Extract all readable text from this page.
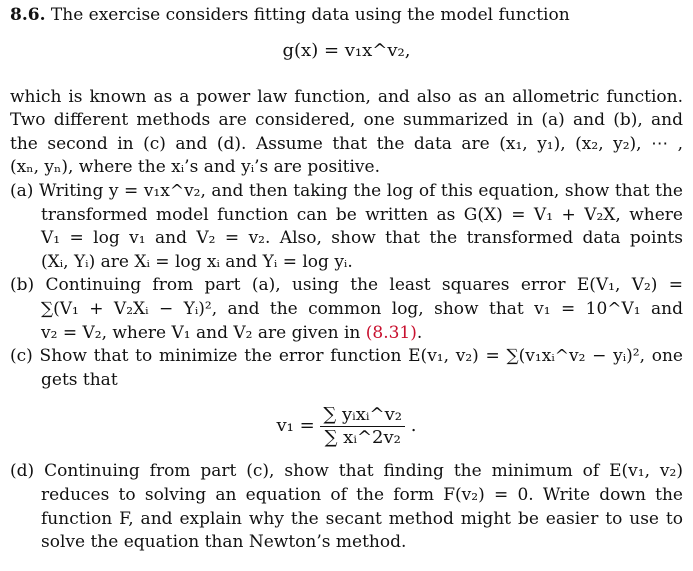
8.6. The exercise considers fitting data using the model function
g(x) = v₁x^v₂,
which is known as a power law function, and also as an allometric function.
Two different methods are considered, one summarized in (a) and (b), and
the second in (c) and (d). Assume that the data are (x₁, y₁), (x₂, y₂), ⋯ ,
(xₙ, yₙ), where the xᵢ’s and yᵢ’s are positive.
(a) Writing y = v₁x^v₂, and then taking the log of this equation, show that the
transformed model function can be written as G(X) = V₁ + V₂X, where
V₁ = log v₁ and V₂ = v₂. Also, show that the transformed data points
(Xᵢ, Yᵢ) are Xᵢ = log xᵢ and Yᵢ = log yᵢ.
(b) Continuing from part (a), using the least squares error E(V₁, V₂) =
∑(V₁ + V₂Xᵢ − Yᵢ)², and the common log, show that v₁ = 10^V₁ and
v₂ = V₂, where V₁ and V₂ are given in (8.31).
(c) Show that to minimize the error function E(v₁, v₂) = ∑(v₁xᵢ^v₂ − yᵢ)², one
gets that
$v_1 = \frac{\text{∑ yᵢxᵢ\textasciicircum{}v₂}}{\text{∑ xᵢ\textasciicircum{}2v₂}}$ .
(d) Continuing from part (c), show that finding the minimum of E(v₁, v₂)
reduces to solving an equation of the form F(v₂) = 0. Write down the
function F, and explain why the secant method might be easier to use to
solve the equation than Newton’s method.
